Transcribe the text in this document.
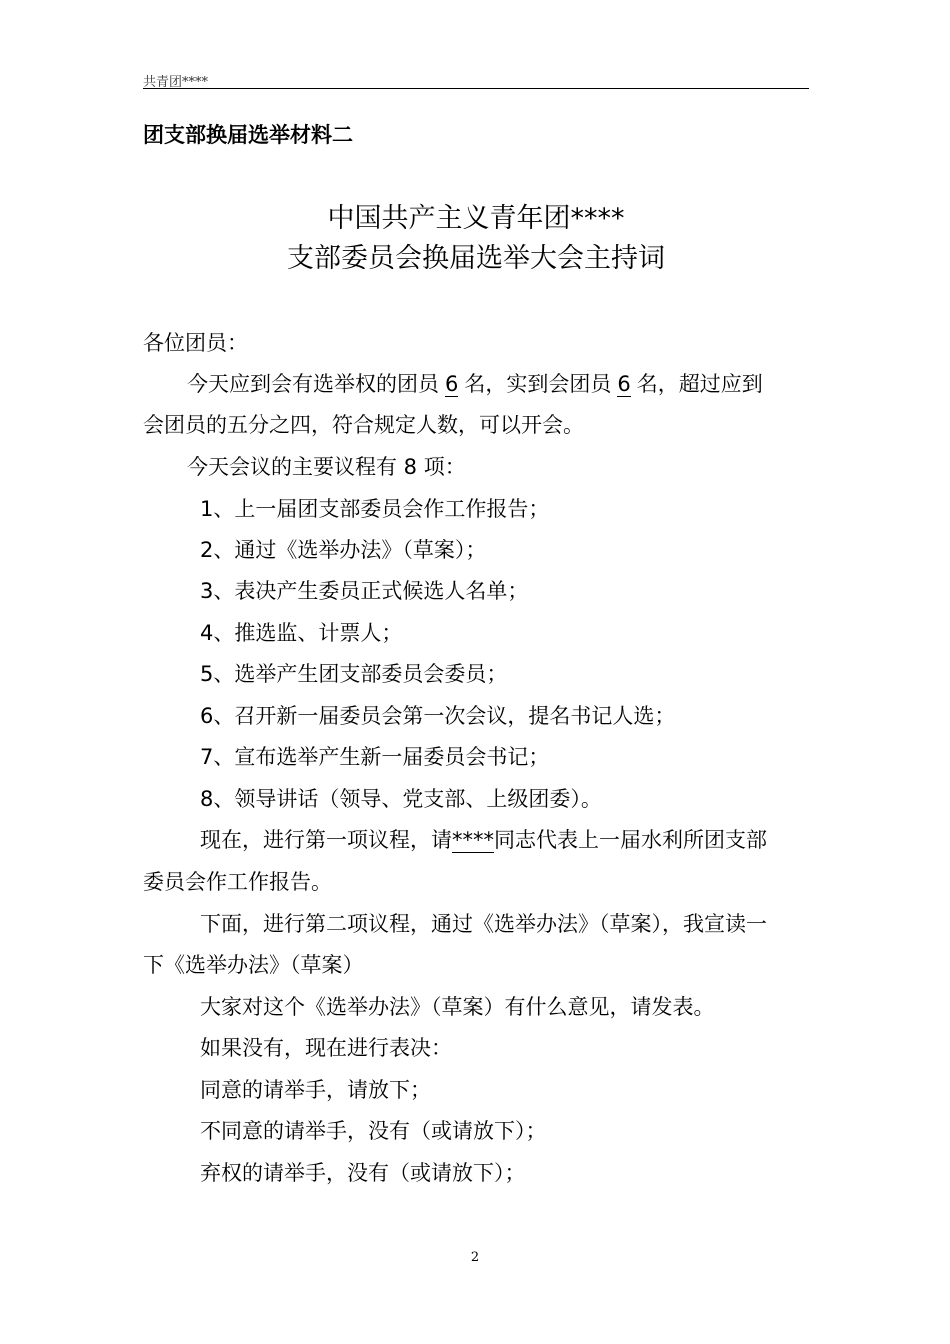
共青团****
团支部换届选举材料二
中国共产主义青年团****
支部委员会换届选举大会主持词
各位团员：
今天应到会有选举权的团员 6 名，实到会团员 6 名，超过应到
会团员的五分之四，符合规定人数，可以开会。
今天会议的主要议程有 8 项：
1、上一届团支部委员会作工作报告；
2、通过《选举办法》（草案）；
3、表决产生委员正式候选人名单；
4、推选监、计票人；
5、选举产生团支部委员会委员；
6、召开新一届委员会第一次会议，提名书记人选；
7、宣布选举产生新一届委员会书记；
8、领导讲话（领导、党支部、上级团委）。
现在，进行第一项议程，请****同志代表上一届水利所团支部
委员会作工作报告。
下面，进行第二项议程，通过《选举办法》（草案），我宣读一
下《选举办法》（草案）
大家对这个《选举办法》（草案）有什么意见，请发表。
如果没有，现在进行表决：
同意的请举手，请放下；
不同意的请举手，没有（或请放下）；
弃权的请举手，没有（或请放下）；
2
